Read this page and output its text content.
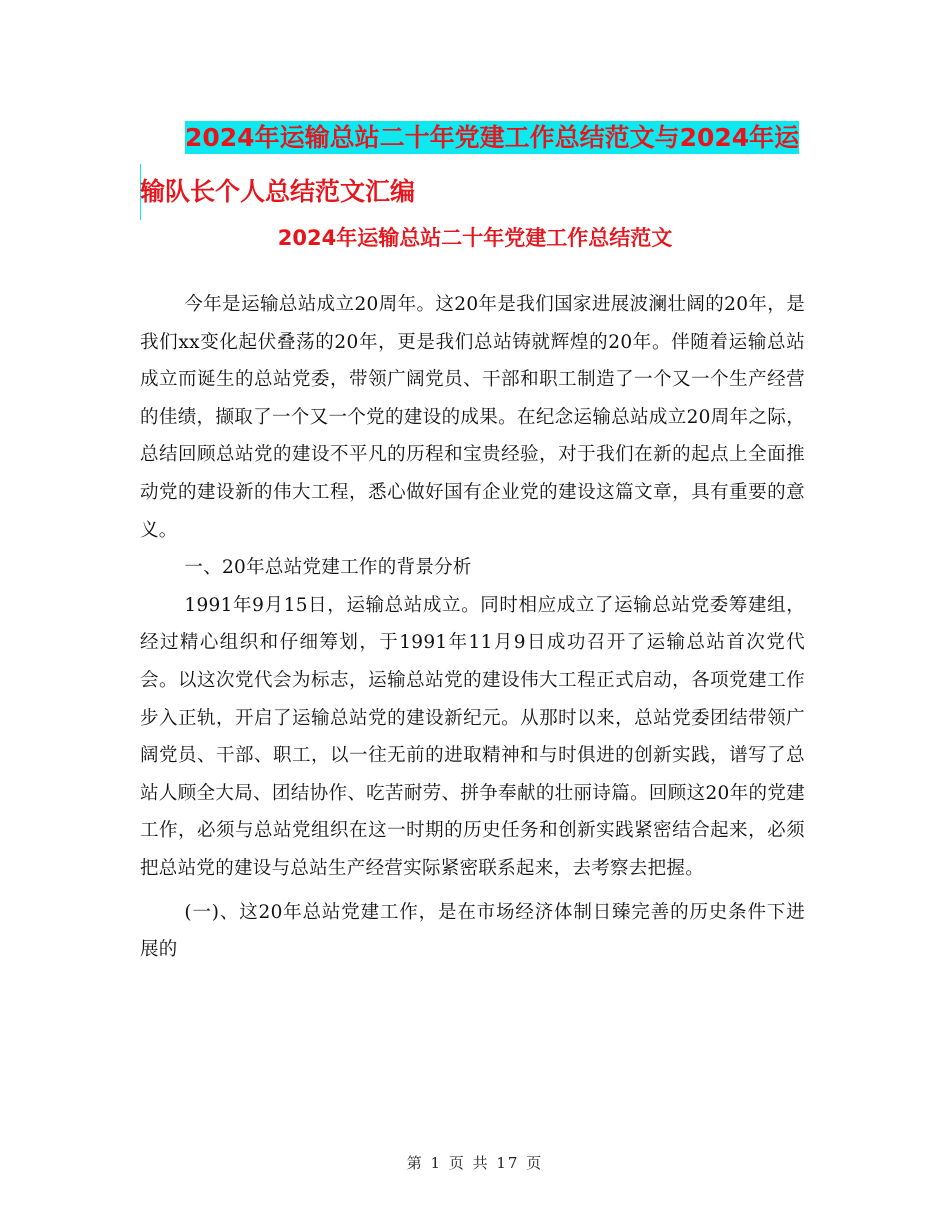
2024年运输总站二十年党建工作总结范文与2024年运

输队长个人总结范文汇编
2024年运输总站二十年党建工作总结范文

今年是运输总站成立20周年。这20年是我们国家进展波澜壮阔的20年，是我们xx变化起伏叠荡的20年，更是我们总站铸就辉煌的20年。伴随着运输总站成立而诞生的总站党委，带领广阔党员、干部和职工制造了一个又一个生产经营的佳绩，撷取了一个又一个党的建设的成果。在纪念运输总站成立20周年之际，总结回顾总站党的建设不平凡的历程和宝贵经验，对于我们在新的起点上全面推动党的建设新的伟大工程，悉心做好国有企业党的建设这篇文章，具有重要的意义。

一、20年总站党建工作的背景分析

1991年9月15日，运输总站成立。同时相应成立了运输总站党委筹建组，经过精心组织和仔细筹划，于1991年11月9日成功召开了运输总站首次党代会。以这次党代会为标志，运输总站党的建设伟大工程正式启动，各项党建工作步入正轨，开启了运输总站党的建设新纪元。从那时以来，总站党委团结带领广阔党员、干部、职工，以一往无前的进取精神和与时俱进的创新实践，谱写了总站人顾全大局、团结协作、吃苦耐劳、拼争奉献的壮丽诗篇。回顾这20年的党建工作，必须与总站党组织在这一时期的历史任务和创新实践紧密结合起来，必须把总站党的建设与总站生产经营实际紧密联系起来，去考察去把握。

(一)、这20年总站党建工作，是在市场经济体制日臻完善的历史条件下进展的

第 1 页 共 17 页
